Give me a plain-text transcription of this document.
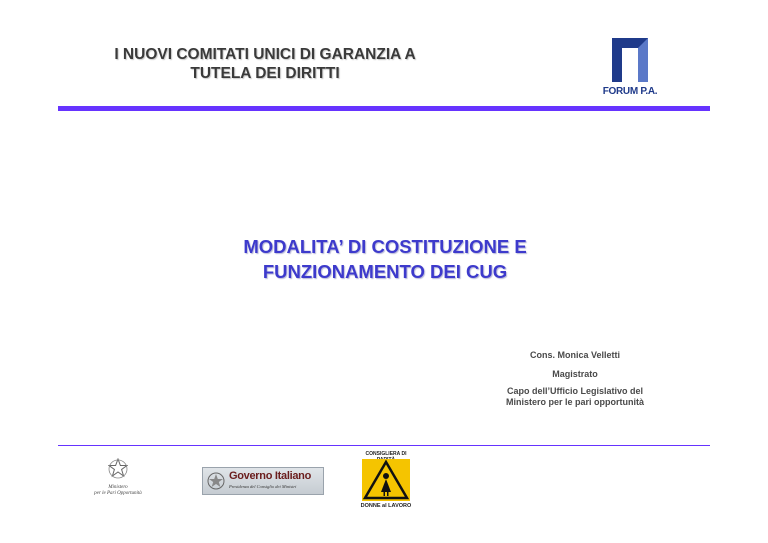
I NUOVI COMITATI UNICI DI GARANZIA A
TUTELA DEI DIRITTI
FORUM P.A.
MODALITA’ DI COSTITUZIONE E
FUNZIONAMENTO DEI CUG
Cons. Monica Velletti
Magistrato
Capo dell’Ufficio Legislativo del
Ministero per le pari opportunità
Ministero
per le Pari Opportunità
Governo Italiano
Presidenza del Consiglio dei Ministri
CONSIGLIERA DI
DONNE al LAVORO
